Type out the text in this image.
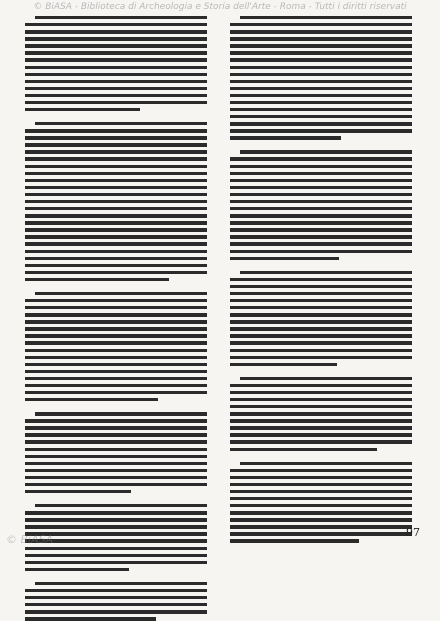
© BiASA - Biblioteca di Archeologia e Storia dell'Arte - Roma - Tutti i diritti riservati
97
© BiASA
